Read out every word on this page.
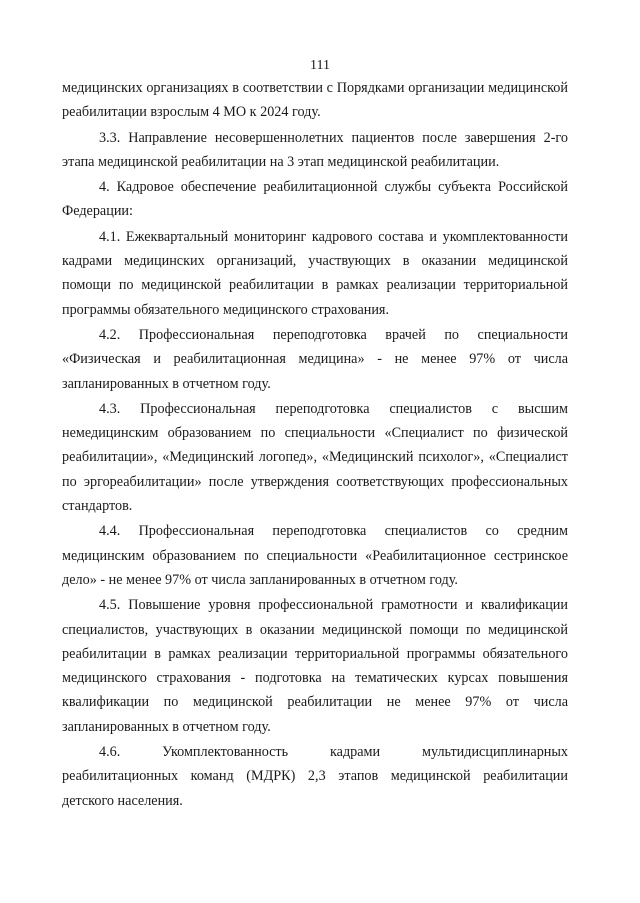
111

медицинских организациях в соответствии с Порядками организации медицинской реабилитации взрослым 4 МО к 2024 году.

3.3. Направление несовершеннолетних пациентов после завершения 2-го этапа медицинской реабилитации на 3 этап медицинской реабилитации.

4. Кадровое обеспечение реабилитационной службы субъекта Российской Федерации:

4.1. Ежеквартальный мониторинг кадрового состава и укомплектованности кадрами медицинских организаций, участвующих в оказании медицинской помощи по медицинской реабилитации в рамках реализации территориальной программы обязательного медицинского страхования.

4.2. Профессиональная переподготовка врачей по специальности «Физическая и реабилитационная медицина» - не менее 97% от числа запланированных в отчетном году.

4.3. Профессиональная переподготовка специалистов с высшим немедицинским образованием по специальности «Специалист по физической реабилитации», «Медицинский логопед», «Медицинский психолог», «Специалист по эргореабилитации» после утверждения соответствующих профессиональных стандартов.

4.4. Профессиональная переподготовка специалистов со средним медицинским образованием по специальности «Реабилитационное сестринское дело» - не менее 97% от числа запланированных в отчетном году.

4.5. Повышение уровня профессиональной грамотности и квалификации специалистов, участвующих в оказании медицинской помощи по медицинской реабилитации в рамках реализации территориальной программы обязательного медицинского страхования - подготовка на тематических курсах повышения квалификации по медицинской реабилитации не менее 97% от числа запланированных в отчетном году.

4.6. Укомплектованность кадрами мультидисциплинарных реабилитационных команд (МДРК) 2,3 этапов медицинской реабилитации детского населения.
